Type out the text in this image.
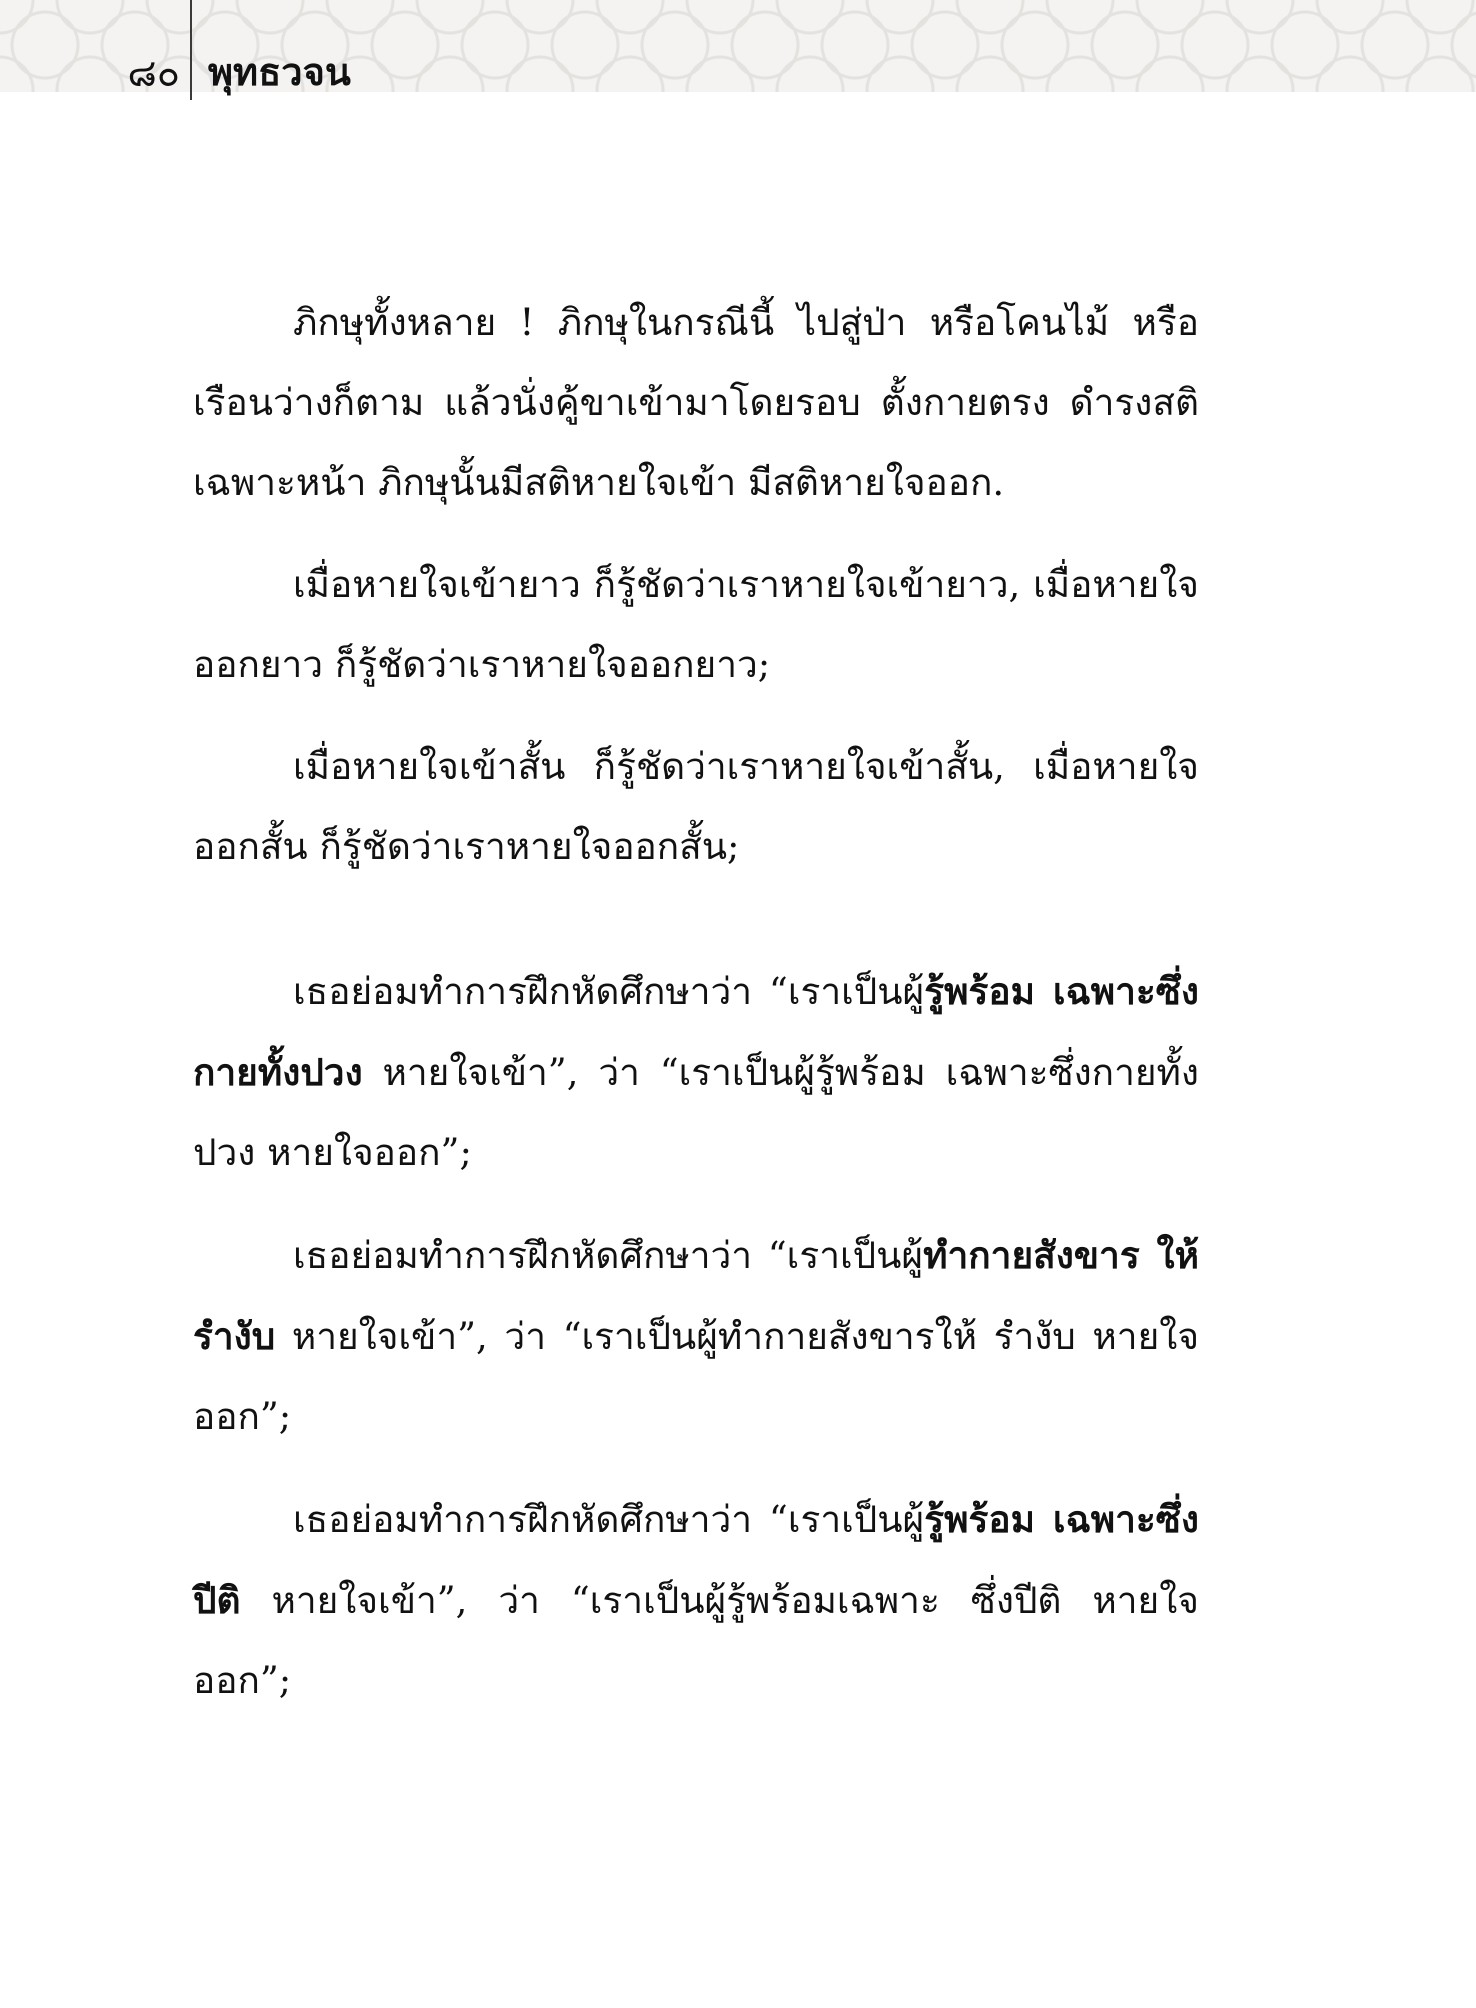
๘๐ พุทธวจน

ภิกษุทั้งหลาย ! ภิกษุในกรณีนี้ ไปสู่ป่า หรือโคนไม้ หรือ เรือนว่างก็ตาม แล้วนั่งคู้ขาเข้ามาโดยรอบ ตั้งกายตรง ดำรงสติเฉพาะหน้า ภิกษุนั้นมีสติหายใจเข้า มีสติหายใจออก.

เมื่อหายใจเข้ายาว ก็รู้ชัดว่าเราหายใจเข้ายาว, เมื่อหายใจออกยาว ก็รู้ชัดว่าเราหายใจออกยาว;

เมื่อหายใจเข้าสั้น ก็รู้ชัดว่าเราหายใจเข้าสั้น, เมื่อหายใจออกสั้น ก็รู้ชัดว่าเราหายใจออกสั้น;

เธอย่อมทำการฝึกหัดศึกษาว่า “เราเป็นผู้รู้พร้อม เฉพาะซึ่งกายทั้งปวง หายใจเข้า”, ว่า “เราเป็นผู้รู้พร้อม เฉพาะซึ่งกายทั้งปวง หายใจออก”;

เธอย่อมทำการฝึกหัดศึกษาว่า “เราเป็นผู้ทำกายสังขาร ให้รำงับ หายใจเข้า”, ว่า “เราเป็นผู้ทำกายสังขารให้ รำงับ หายใจออก”;

เธอย่อมทำการฝึกหัดศึกษาว่า “เราเป็นผู้รู้พร้อม เฉพาะซึ่งปีติ หายใจเข้า”, ว่า “เราเป็นผู้รู้พร้อมเฉพาะ ซึ่งปีติ หายใจออก”;
